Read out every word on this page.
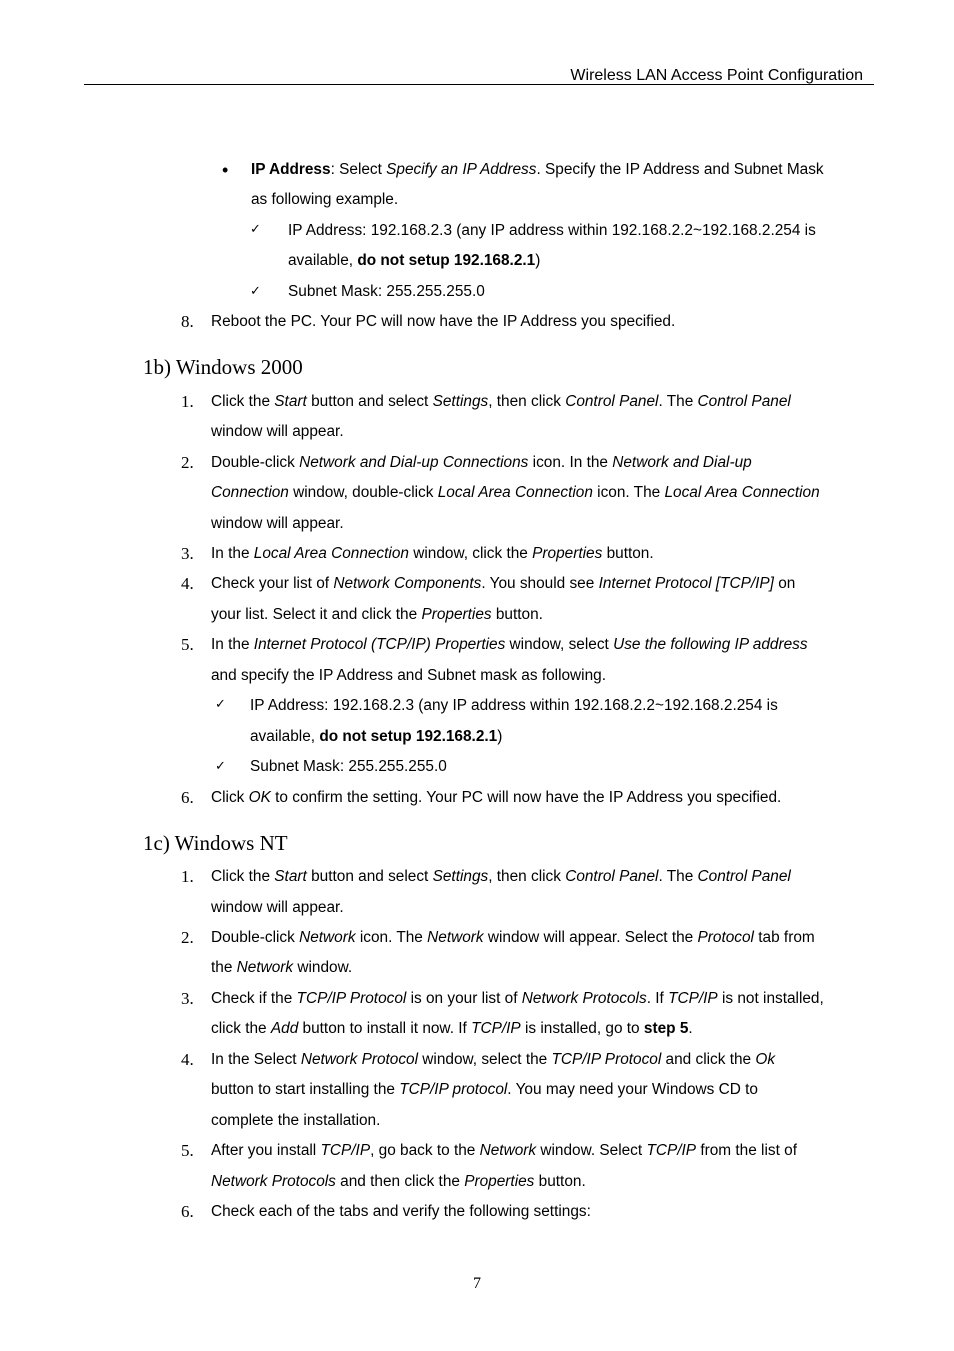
Wireless LAN Access Point Configuration
• IP Address: Select Specify an IP Address. Specify the IP Address and Subnet Mask
as following example.
✓ IP Address: 192.168.2.3 (any IP address within 192.168.2.2~192.168.2.254 is
available, do not setup 192.168.2.1)
✓ Subnet Mask: 255.255.255.0
8. Reboot the PC. Your PC will now have the IP Address you specified.
1b) Windows 2000
1. Click the Start button and select Settings, then click Control Panel. The Control Panel
window will appear.
2. Double-click Network and Dial-up Connections icon. In the Network and Dial-up
Connection window, double-click Local Area Connection icon. The Local Area Connection
window will appear.
3. In the Local Area Connection window, click the Properties button.
4. Check your list of Network Components. You should see Internet Protocol [TCP/IP] on
your list. Select it and click the Properties button.
5. In the Internet Protocol (TCP/IP) Properties window, select Use the following IP address
and specify the IP Address and Subnet mask as following.
✓ IP Address: 192.168.2.3 (any IP address within 192.168.2.2~192.168.2.254 is
available, do not setup 192.168.2.1)
✓ Subnet Mask: 255.255.255.0
6. Click OK to confirm the setting. Your PC will now have the IP Address you specified.
1c) Windows NT
1. Click the Start button and select Settings, then click Control Panel. The Control Panel
window will appear.
2. Double-click Network icon. The Network window will appear. Select the Protocol tab from
the Network window.
3. Check if the TCP/IP Protocol is on your list of Network Protocols. If TCP/IP is not installed,
click the Add button to install it now. If TCP/IP is installed, go to step 5.
4. In the Select Network Protocol window, select the TCP/IP Protocol and click the Ok
button to start installing the TCP/IP protocol. You may need your Windows CD to
complete the installation.
5. After you install TCP/IP, go back to the Network window. Select TCP/IP from the list of
Network Protocols and then click the Properties button.
6. Check each of the tabs and verify the following settings:
7
